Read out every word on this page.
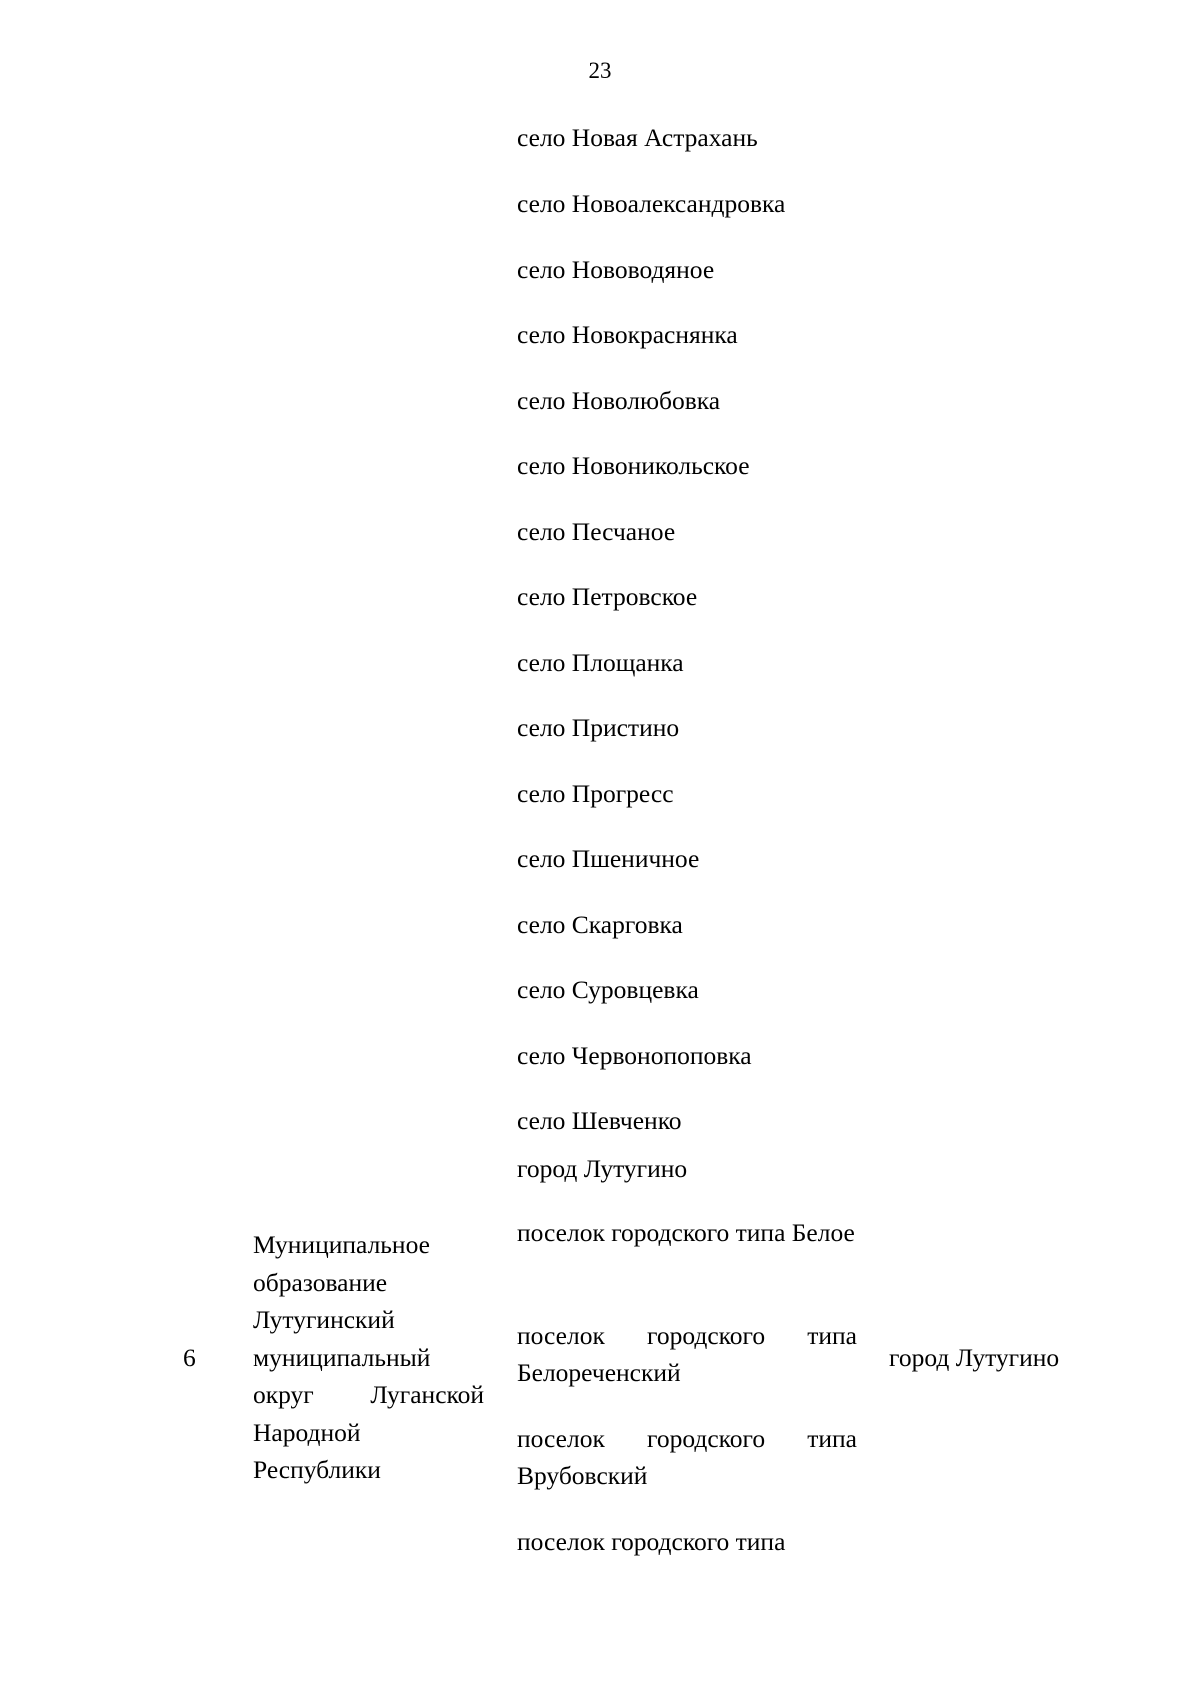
23
село Новая Астрахань
село Новоалександровка
село Нововодяное
село Новокраснянка
село Новолюбовка
село Новоникольское
село Песчаное
село Петровское
село Площанка
село Пристино
село Прогресс
село Пшеничное
село Скарговка
село Суровцевка
село Червонопоповка
село Шевченко
6
Муниципальное образование Лутугинский муниципальный округ Луганской Народной Республики
город Лутугино
поселок городского типа Белое
поселок городского типа Белореченский
поселок городского типа Врубовский
поселок городского типа
город Лутугино
